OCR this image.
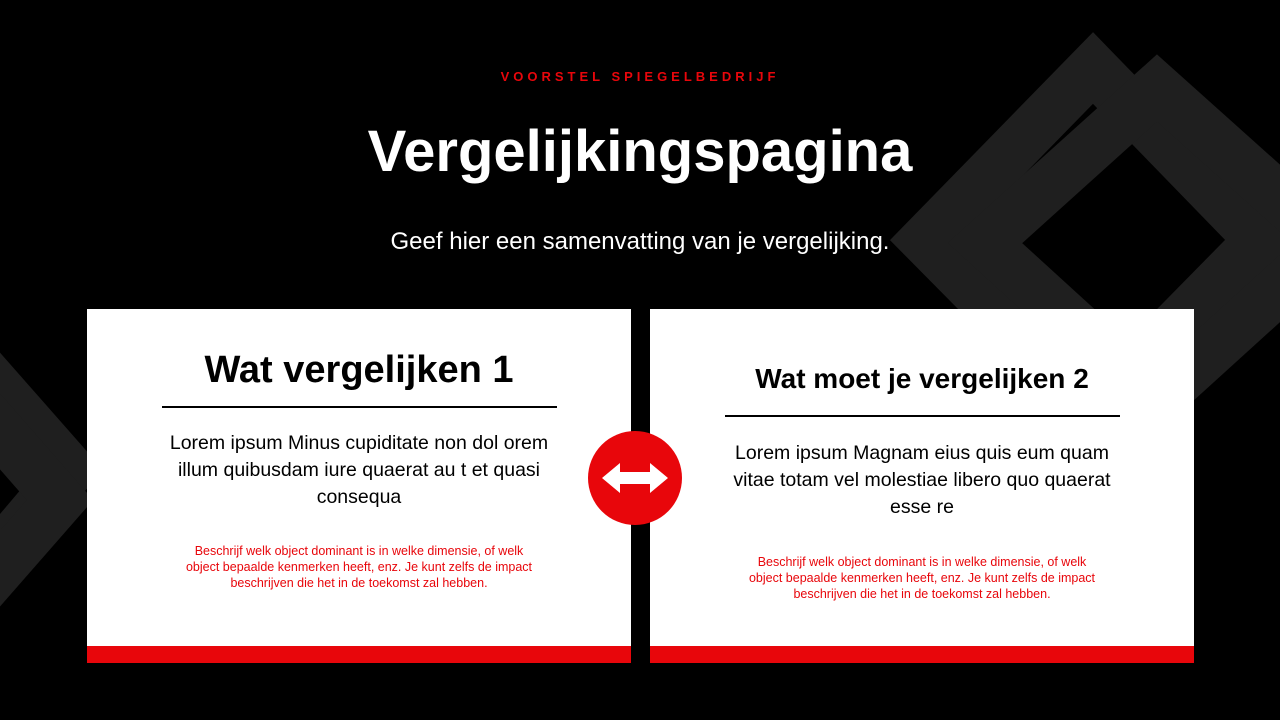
VOORSTEL SPIEGELBEDRIJF
Vergelijkingspagina
Geef hier een samenvatting van je vergelijking.
Wat vergelijken 1
Lorem ipsum Minus cupiditate non dol orem illum quibusdam iure quaerat au t et quasi consequa
Beschrijf welk object dominant is in welke dimensie, of welk object bepaalde kenmerken heeft, enz. Je kunt zelfs de impact beschrijven die het in de toekomst zal hebben.
Wat moet je vergelijken 2
Lorem ipsum Magnam eius quis eum quam vitae totam vel molestiae libero quo quaerat esse re
Beschrijf welk object dominant is in welke dimensie, of welk object bepaalde kenmerken heeft, enz. Je kunt zelfs de impact beschrijven die het in de toekomst zal hebben.
